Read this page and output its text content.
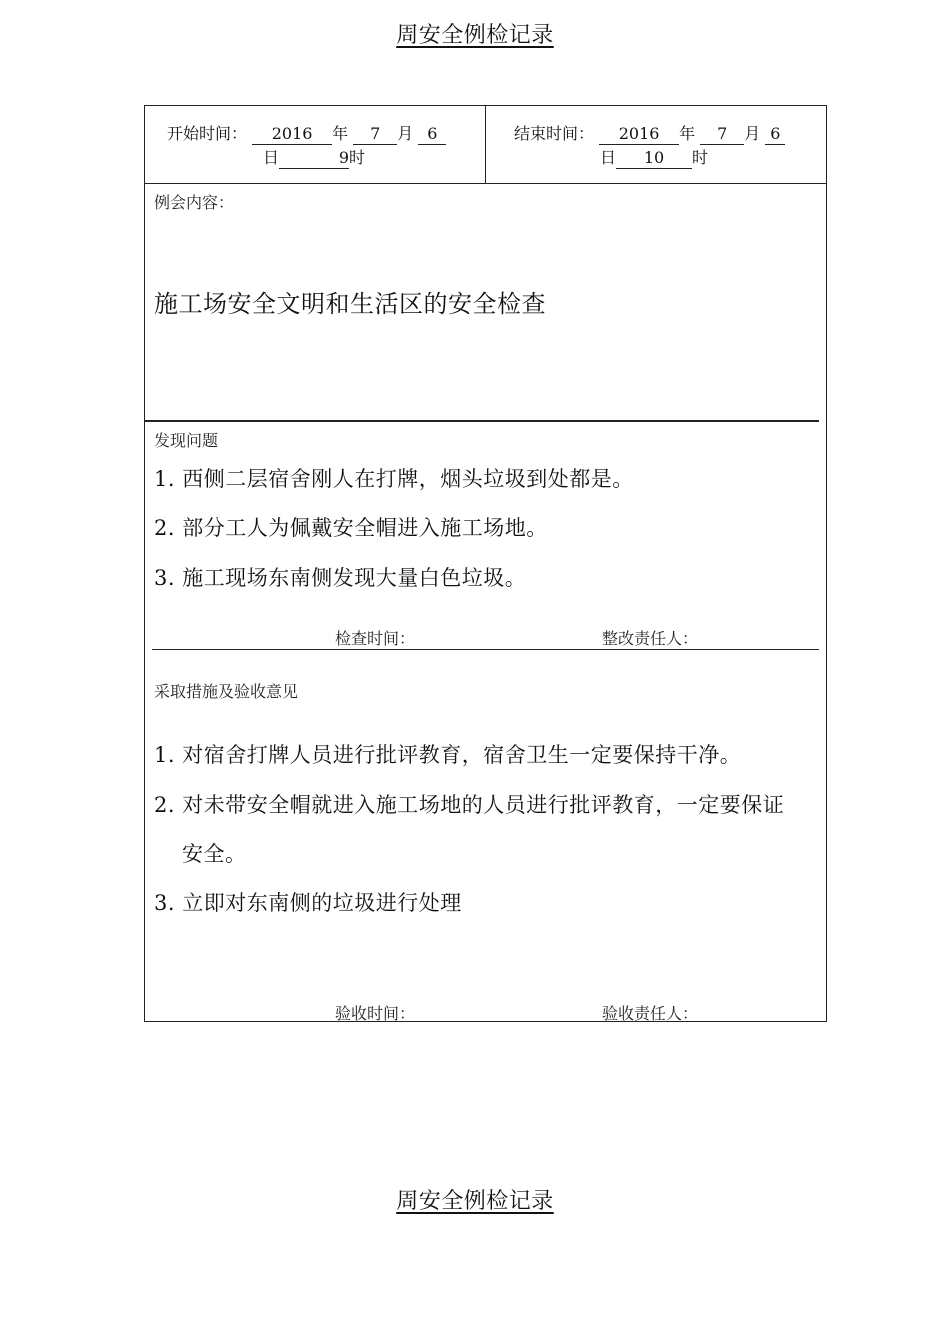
周安全例检记录
开始时间： 2016 年 7 月 6
日	9时
结束时间： 2016 年 7 月 6
日 10 时
例会内容：
施工场安全文明和生活区的安全检查
发现问题
1. 西侧二层宿舍刚人在打牌，烟头垃圾到处都是。
2. 部分工人为佩戴安全帽进入施工场地。
3. 施工现场东南侧发现大量白色垃圾。
检查时间：	整改责任人：
采取措施及验收意见
1. 对宿舍打牌人员进行批评教育，宿舍卫生一定要保持干净。
2. 对未带安全帽就进入施工场地的人员进行批评教育，一定要保证
安全。
3. 立即对东南侧的垃圾进行处理
验收时间：	验收责任人：
周安全例检记录
